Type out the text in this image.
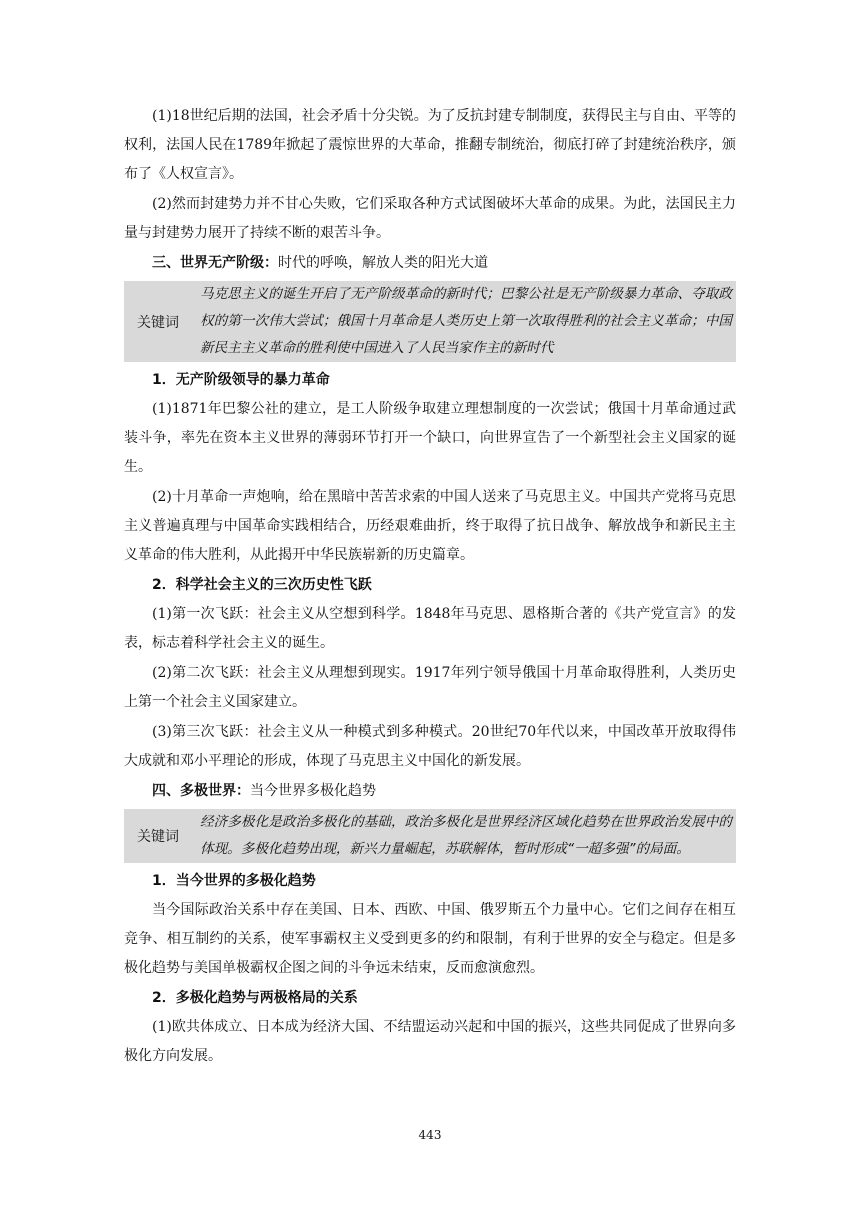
(1)18世纪后期的法国，社会矛盾十分尖锐。为了反抗封建专制制度，获得民主与自由、平等的权利，法国人民在1789年掀起了震惊世界的大革命，推翻专制统治，彻底打碎了封建统治秩序，颁布了《人权宣言》。

(2)然而封建势力并不甘心失败，它们采取各种方式试图破坏大革命的成果。为此，法国民主力量与封建势力展开了持续不断的艰苦斗争。

三、世界无产阶级：时代的呼唤，解放人类的阳光大道

关键词
马克思主义的诞生开启了无产阶级革命的新时代；巴黎公社是无产阶级暴力革命、夺取政权的第一次伟大尝试；俄国十月革命是人类历史上第一次取得胜利的社会主义革命；中国新民主主义革命的胜利使中国进入了人民当家作主的新时代

1．无产阶级领导的暴力革命

(1)1871年巴黎公社的建立，是工人阶级争取建立理想制度的一次尝试；俄国十月革命通过武装斗争，率先在资本主义世界的薄弱环节打开一个缺口，向世界宣告了一个新型社会主义国家的诞生。

(2)十月革命一声炮响，给在黑暗中苦苦求索的中国人送来了马克思主义。中国共产党将马克思主义普遍真理与中国革命实践相结合，历经艰难曲折，终于取得了抗日战争、解放战争和新民主主义革命的伟大胜利，从此揭开中华民族崭新的历史篇章。

2．科学社会主义的三次历史性飞跃

(1)第一次飞跃：社会主义从空想到科学。1848年马克思、恩格斯合著的《共产党宣言》的发表，标志着科学社会主义的诞生。

(2)第二次飞跃：社会主义从理想到现实。1917年列宁领导俄国十月革命取得胜利，人类历史上第一个社会主义国家建立。

(3)第三次飞跃：社会主义从一种模式到多种模式。20世纪70年代以来，中国改革开放取得伟大成就和邓小平理论的形成，体现了马克思主义中国化的新发展。

四、多极世界：当今世界多极化趋势

关键词
经济多极化是政治多极化的基础，政治多极化是世界经济区域化趋势在世界政治发展中的体现。多极化趋势出现，新兴力量崛起，苏联解体，暂时形成“一超多强”的局面。

1．当今世界的多极化趋势

当今国际政治关系中存在美国、日本、西欧、中国、俄罗斯五个力量中心。它们之间存在相互竞争、相互制约的关系，使军事霸权主义受到更多的约和限制，有利于世界的安全与稳定。但是多极化趋势与美国单极霸权企图之间的斗争远未结束，反而愈演愈烈。

2．多极化趋势与两极格局的关系

(1)欧共体成立、日本成为经济大国、不结盟运动兴起和中国的振兴，这些共同促成了世界向多极化方向发展。

443
